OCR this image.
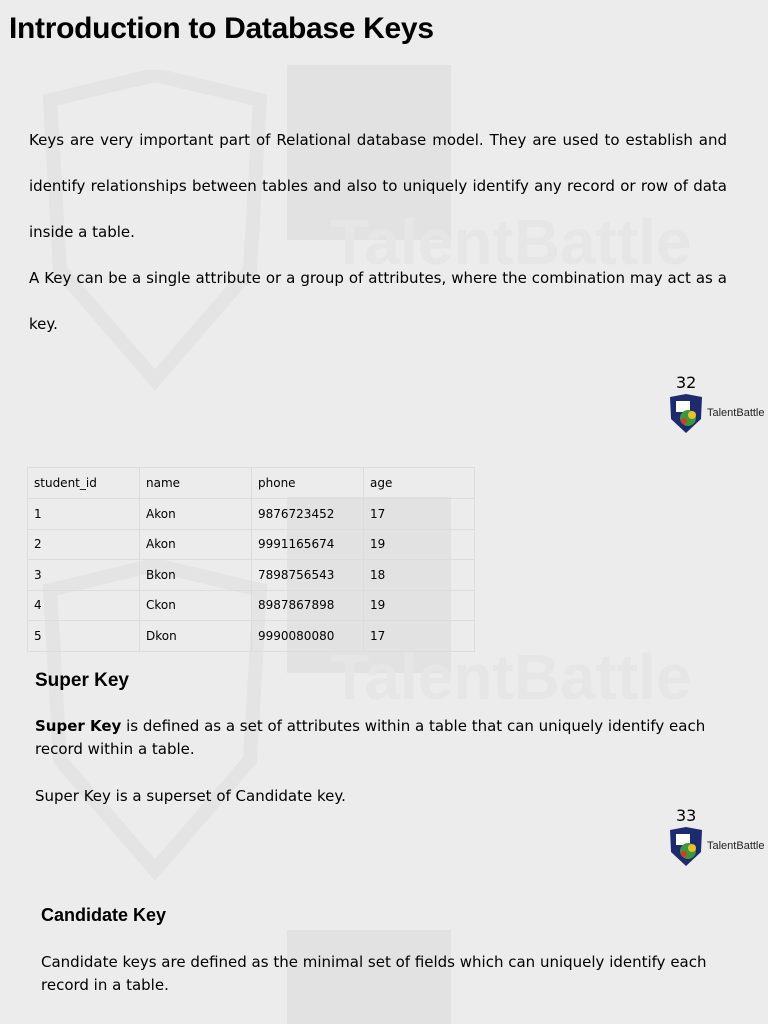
TalentBattle
TalentBattle
Introduction to Database Keys

Keys are very important part of Relational database model. They are used to establish and identify relationships between tables and also to uniquely identify any record or row of data inside a table.

A Key can be a single attribute or a group of attributes, where the combination may act as a key.

32
TalentBattle
student_id	name	phone	age
1	Akon	9876723452	17
2	Akon	9991165674	19
3	Bkon	7898756543	18
4	Ckon	8987867898	19
5	Dkon	9990080080	17
Super Key

Super Key is defined as a set of attributes within a table that can uniquely identify each record within a table.

Super Key is a superset of Candidate key.

33
TalentBattle
Candidate Key

Candidate keys are defined as the minimal set of fields which can uniquely identify each record in a table.
